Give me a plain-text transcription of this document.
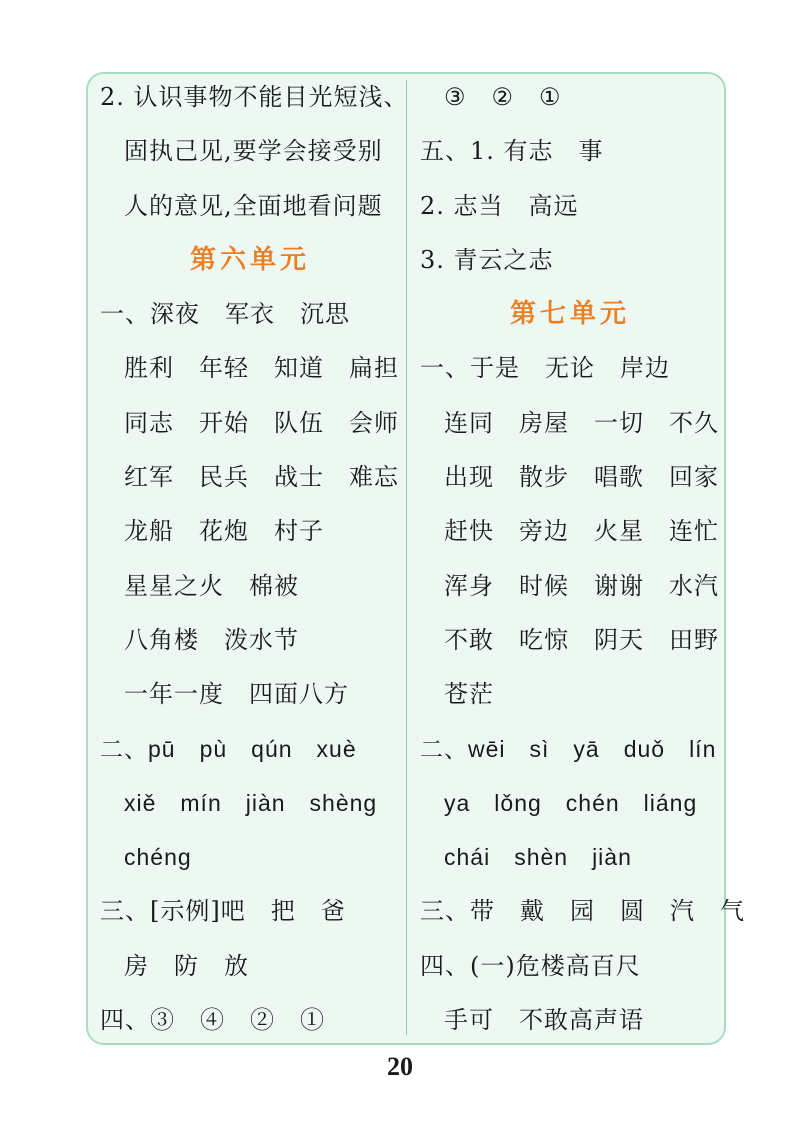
2. 认识事物不能目光短浅、
固执己见,要学会接受别
人的意见,全面地看问题
第六单元
一、深夜　军衣　沉思
胜利　年轻　知道　扁担
同志　开始　队伍　会师
红军　民兵　战士　难忘
龙船　花炮　村子
星星之火　棉被
八角楼　泼水节
一年一度　四面八方
二、pū　pù　qún　xuè
xiě　mín　jiàn　shèng
chéng
三、[示例]吧　把　爸
房　防　放
四、③　④　②　①
③　②　①
五、1. 有志　事
2. 志当　高远
3. 青云之志
第七单元
一、于是　无论　岸边
连同　房屋　一切　不久
出现　散步　唱歌　回家
赶快　旁边　火星　连忙
浑身　时候　谢谢　水汽
不敢　吃惊　阴天　田野
苍茫
二、wēi　sì　yā　duǒ　lín
ya　lǒng　chén　liáng
chái　shèn　jiàn
三、带　戴　园　圆　汽　气
四、(一)危楼高百尺
手可　不敢高声语
20
